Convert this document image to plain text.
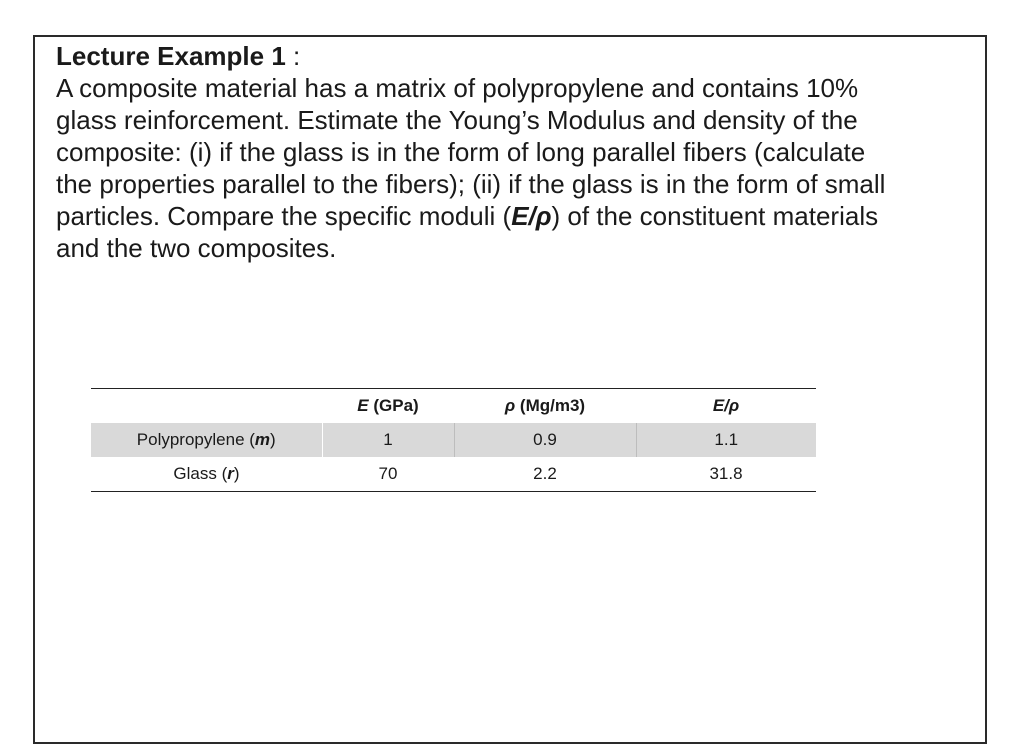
Lecture Example 1 :
A composite material has a matrix of polypropylene and contains 10% glass reinforcement. Estimate the Young’s Modulus and density of the composite: (i) if the glass is in the form of long parallel fibers (calculate the properties parallel to the fibers); (ii) if the glass is in the form of small particles. Compare the specific moduli (E/ρ) of the constituent materials and the two composites.
	E (GPa)	ρ (Mg/m3)	E/ρ
Polypropylene (m)	1	0.9	1.1
Glass (r)	70	2.2	31.8
